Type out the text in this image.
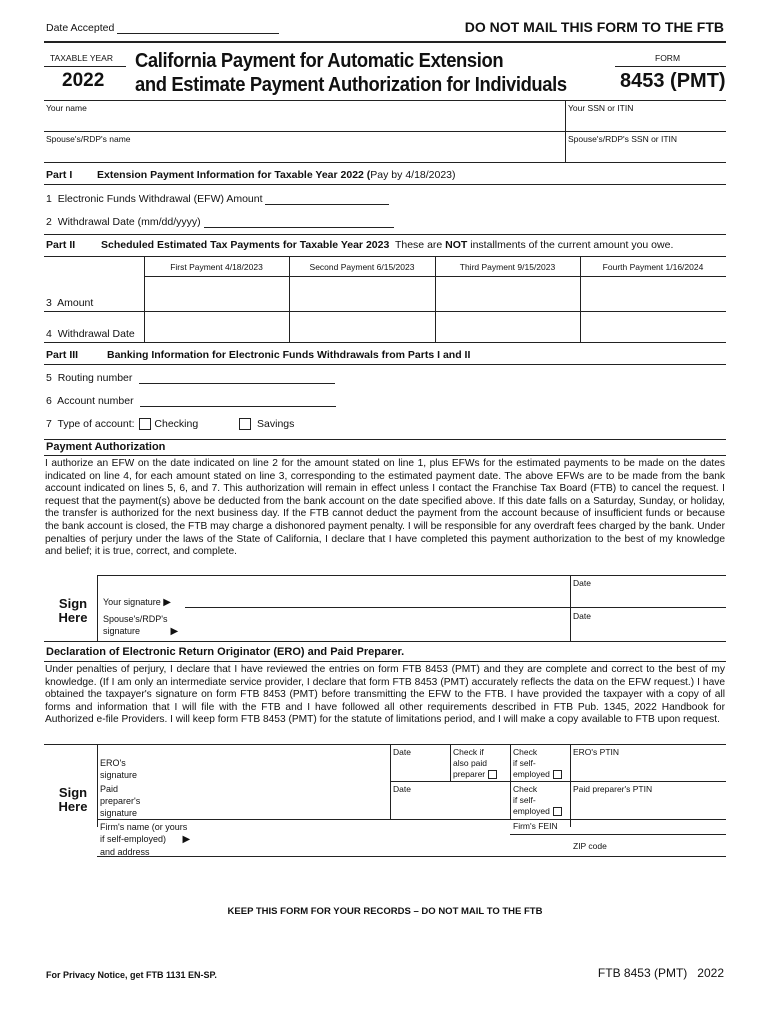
Date Accepted	DO NOT MAIL THIS FORM TO THE FTB
TAXABLE YEAR
2022
California Payment for Automatic Extension
and Estimate Payment Authorization for Individuals
FORM
8453 (PMT)
Your name	Your SSN or ITIN
Spouse's/RDP's name	Spouse's/RDP's SSN or ITIN
Part I Extension Payment Information for Taxable Year 2022 (Pay by 4/18/2023)
1 Electronic Funds Withdrawal (EFW) Amount
2 Withdrawal Date (mm/dd/yyyy)
Part II Scheduled Estimated Tax Payments for Taxable Year 2023 These are NOT installments of the current amount you owe.
First Payment 4/18/2023	Second Payment 6/15/2023	Third Payment 9/15/2023	Fourth Payment 1/16/2024
3 Amount
4 Withdrawal Date
Part III	Banking Information for Electronic Funds Withdrawals from Parts I and II
5 Routing number
6 Account number
7 Type of account: Checking	Savings
Payment Authorization
I authorize an EFW on the date indicated on line 2 for the amount stated on line 1, plus EFWs for the estimated payments to be made on the dates indicated on line 4, for each amount stated on line 3, corresponding to the estimated payment date. The above EFWs are to be made from the bank account indicated on lines 5, 6, and 7. This authorization will remain in effect unless I contact the Franchise Tax Board (FTB) to cancel the request. I request that the payment(s) above be deducted from the bank account on the date specified above. If this date falls on a Saturday, Sunday, or holiday, the transfer is authorized for the next business day. If the FTB cannot deduct the payment from the account because of insufficient funds or because the bank account is closed, the FTB may charge a dishonored payment penalty. I will be responsible for any overdraft fees charged by the bank. Under penalties of perjury under the laws of the State of California, I declare that I have completed this payment authorization to the best of my knowledge and belief; it is true, correct, and complete.
Date
Sign
Here
Your signature ▶
Date
Spouse's/RDP's
signature	▶
Declaration of Electronic Return Originator (ERO) and Paid Preparer.
Under penalties of perjury, I declare that I have reviewed the entries on form FTB 8453 (PMT) and they are complete and correct to the best of my knowledge. (If I am only an intermediate service provider, I declare that form FTB 8453 (PMT) accurately reflects the data on the EFW request.) I have obtained the taxpayer's signature on form FTB 8453 (PMT) before transmitting the EFW to the FTB. I have provided the taxpayer with a copy of all forms and information that I will file with the FTB and I have followed all other requirements described in FTB Pub. 1345, 2022 Handbook for Authorized e-file Providers. I will keep form FTB 8453 (PMT) for the statute of limitations period, and I will make a copy available to FTB upon request.
Sign
Here
ERO's
signature
Paid
preparer's
signature
Date
Date
Check if
also paid
preparer
Check
if self-
employed
Check
if self-
employed
ERO's PTIN
Paid preparer's PTIN
Firm's FEIN
ZIP code
Firm's name (or yours
if self-employed) ▶
and address
KEEP THIS FORM FOR YOUR RECORDS – DO NOT MAIL TO THE FTB
For Privacy Notice, get FTB 1131 EN-SP.	FTB 8453 (PMT) 2022
